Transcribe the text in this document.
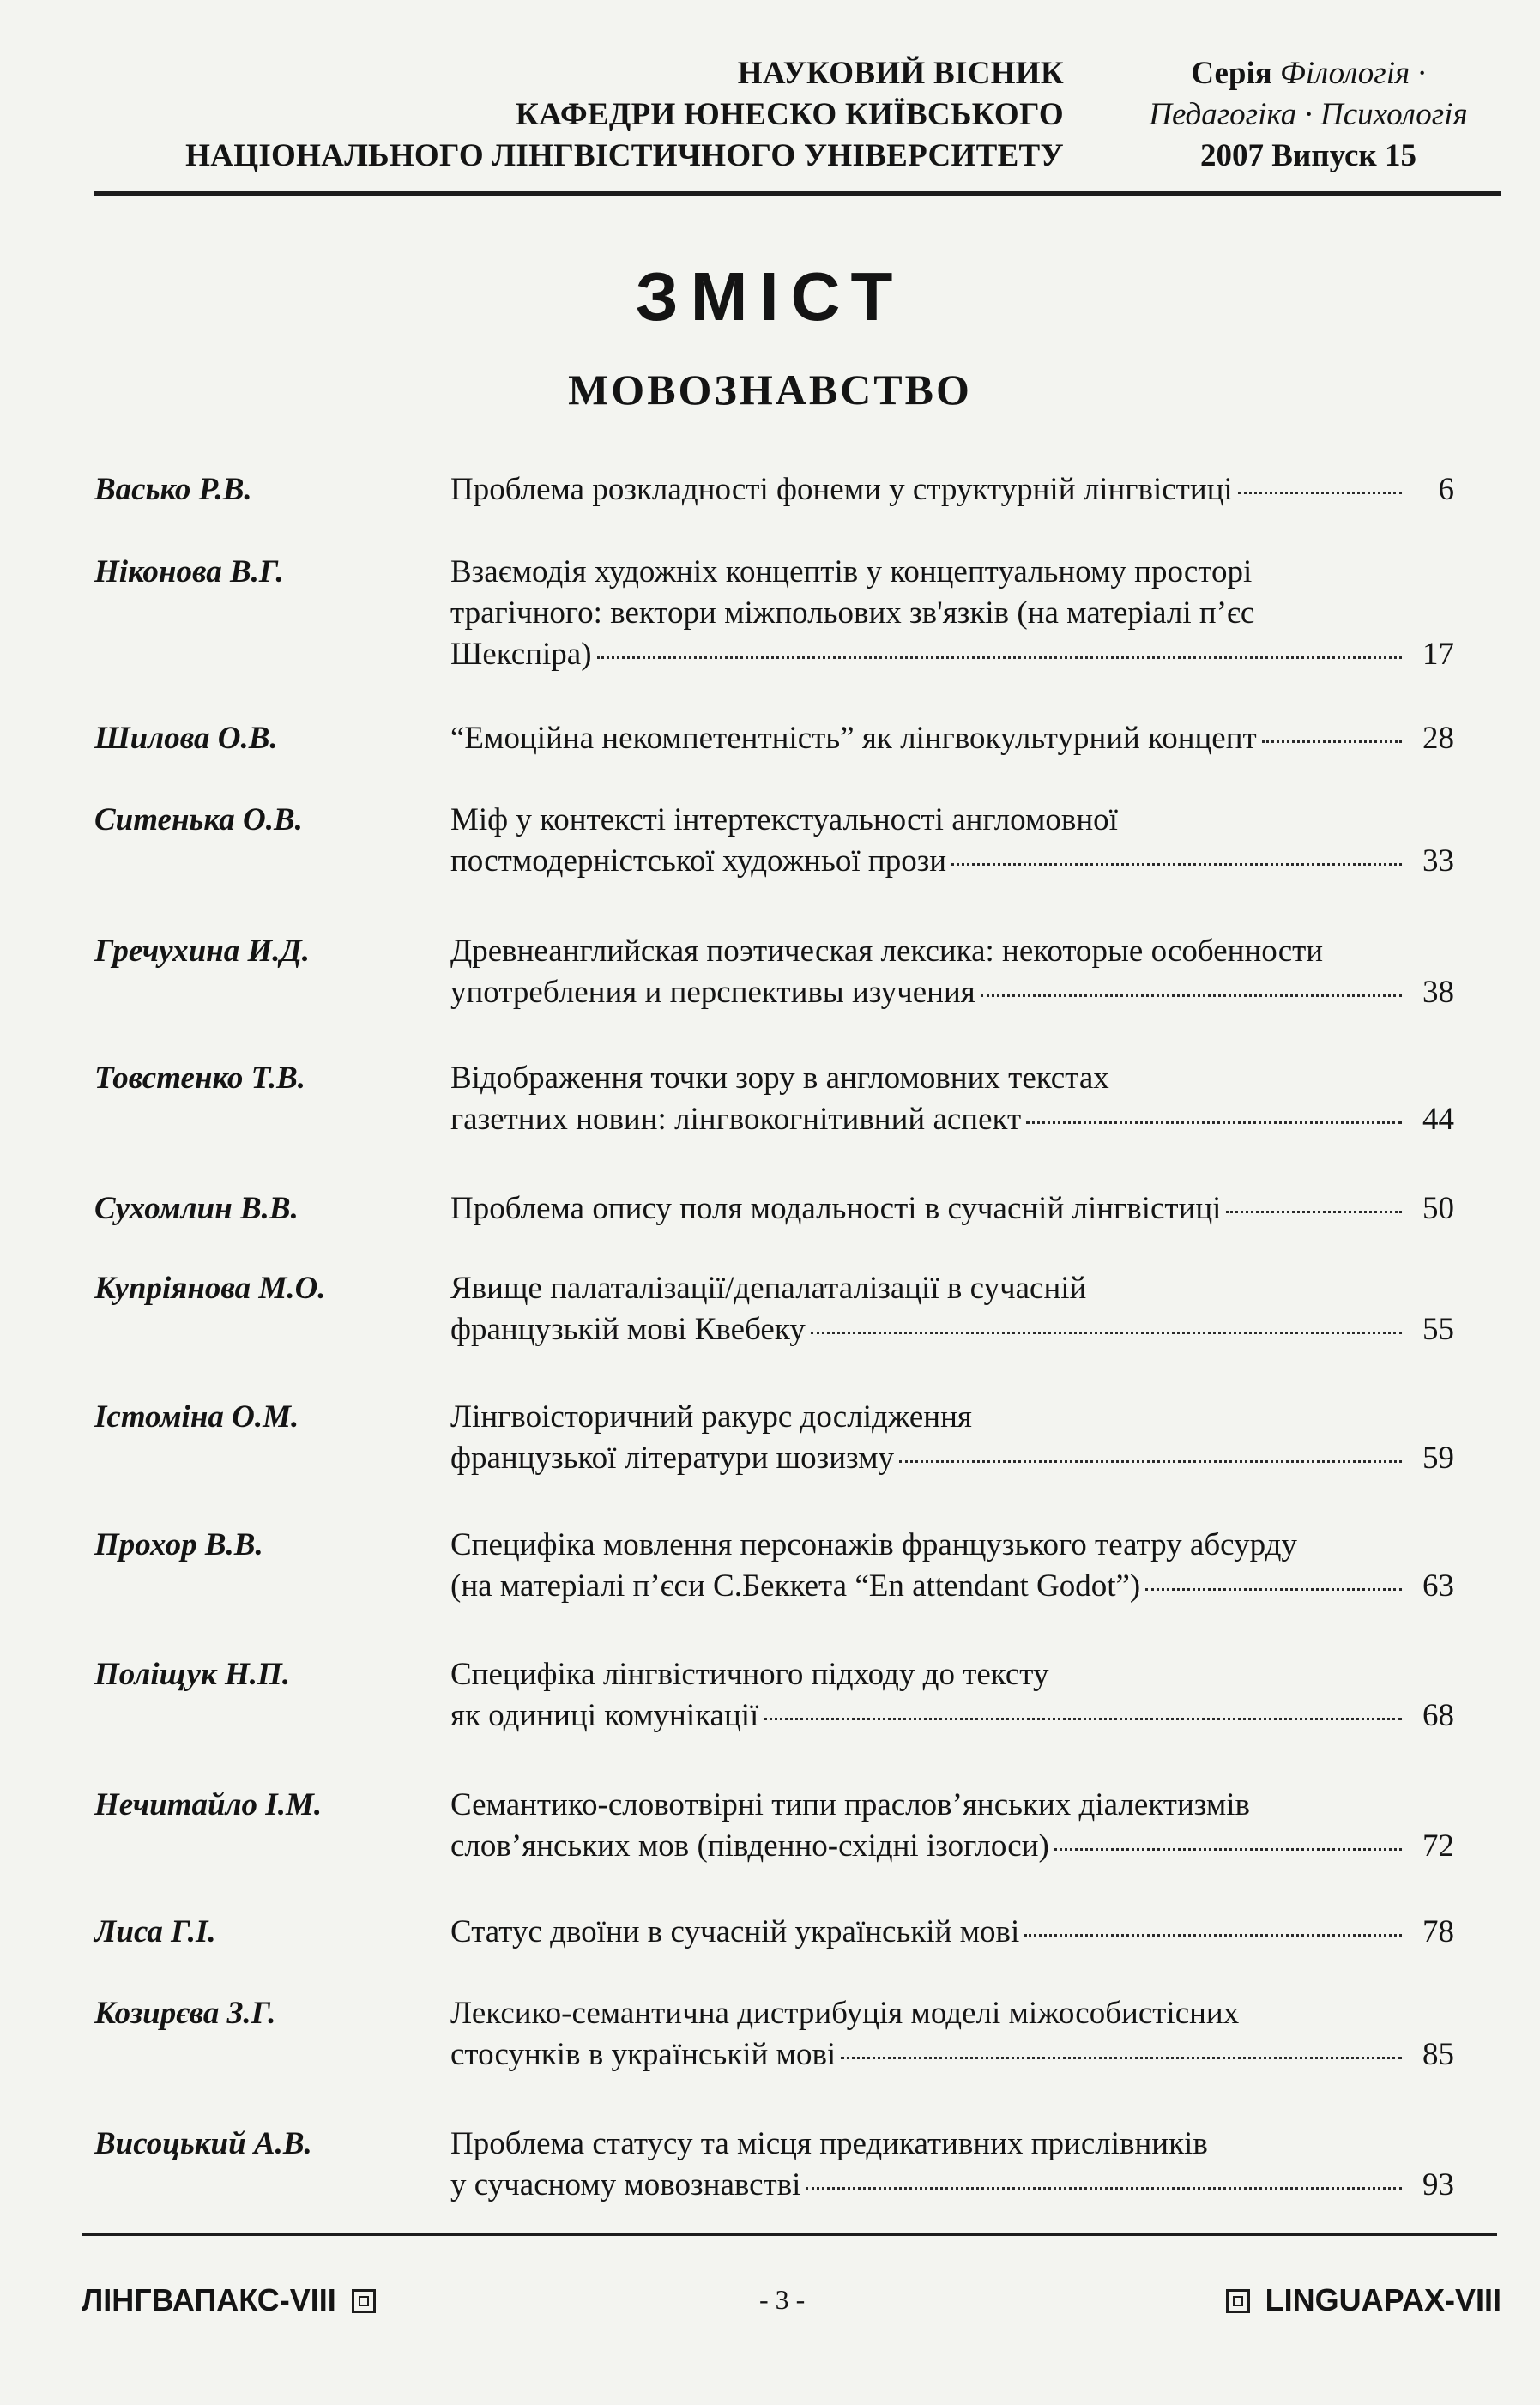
НАУКОВИЙ ВІСНИК
КАФЕДРИ ЮНЕСКО КИЇВСЬКОГО
НАЦІОНАЛЬНОГО ЛІНГВІСТИЧНОГО УНІВЕРСИТЕТУ
Серія Філологія ·
Педагогіка · Психологія
2007 Випуск 15
ЗМІСТ
МОВОЗНАВСТВО
Васько Р.В.	Проблема розкладності фонеми у структурній лінгвістиці	6
Ніконова В.Г.	Взаємодія художніх концептів у концептуальному просторі
трагічного: вектори міжпольових зв'язків (на матеріалі п’єс
Шекспіра)	17
Шилова О.В.	“Емоційна некомпетентність” як лінгвокультурний концепт	28
Ситенька О.В.	Міф у контексті інтертекстуальності англомовної
постмодерністської художньої прози	33
Гречухина И.Д.	Древнеанглийская поэтическая лексика: некоторые особенности
употребления и перспективы изучения	38
Товстенко Т.В.	Відображення точки зору в англомовних текстах
газетних новин: лінгвокогнітивний аспект	44
Сухомлин В.В.	Проблема опису поля модальності в сучасній лінгвістиці	50
Купріянова М.О.	Явище палаталізації/депалаталізації в сучасній
французькій мові Квебеку	55
Істоміна О.М.	Лінгвоісторичний ракурс дослідження
французької літератури шозизму	59
Прохор В.В.	Специфіка мовлення персонажів французького театру абсурду
(на матеріалі п’єси С.Беккета “En attendant Godot”)	63
Поліщук Н.П.	Специфіка лінгвістичного підходу до тексту
як одиниці комунікації	68
Нечитайло І.М.	Семантико-словотвірні типи праслов’янських діалектизмів
слов’янських мов (південно-східні ізоглоси)	72
Лиса Г.І.	Статус двоїни в сучасній українській мові	78
Козирєва З.Г.	Лексико-семантична дистрибуція моделі міжособистісних
стосунків в українській мові	85
Висоцький А.В.	Проблема статусу та місця предикативних прислівників
у сучасному мовознавстві	93
ЛІНГВАПАКС-VIII	- 3 -	LINGUAPAX-VIII
